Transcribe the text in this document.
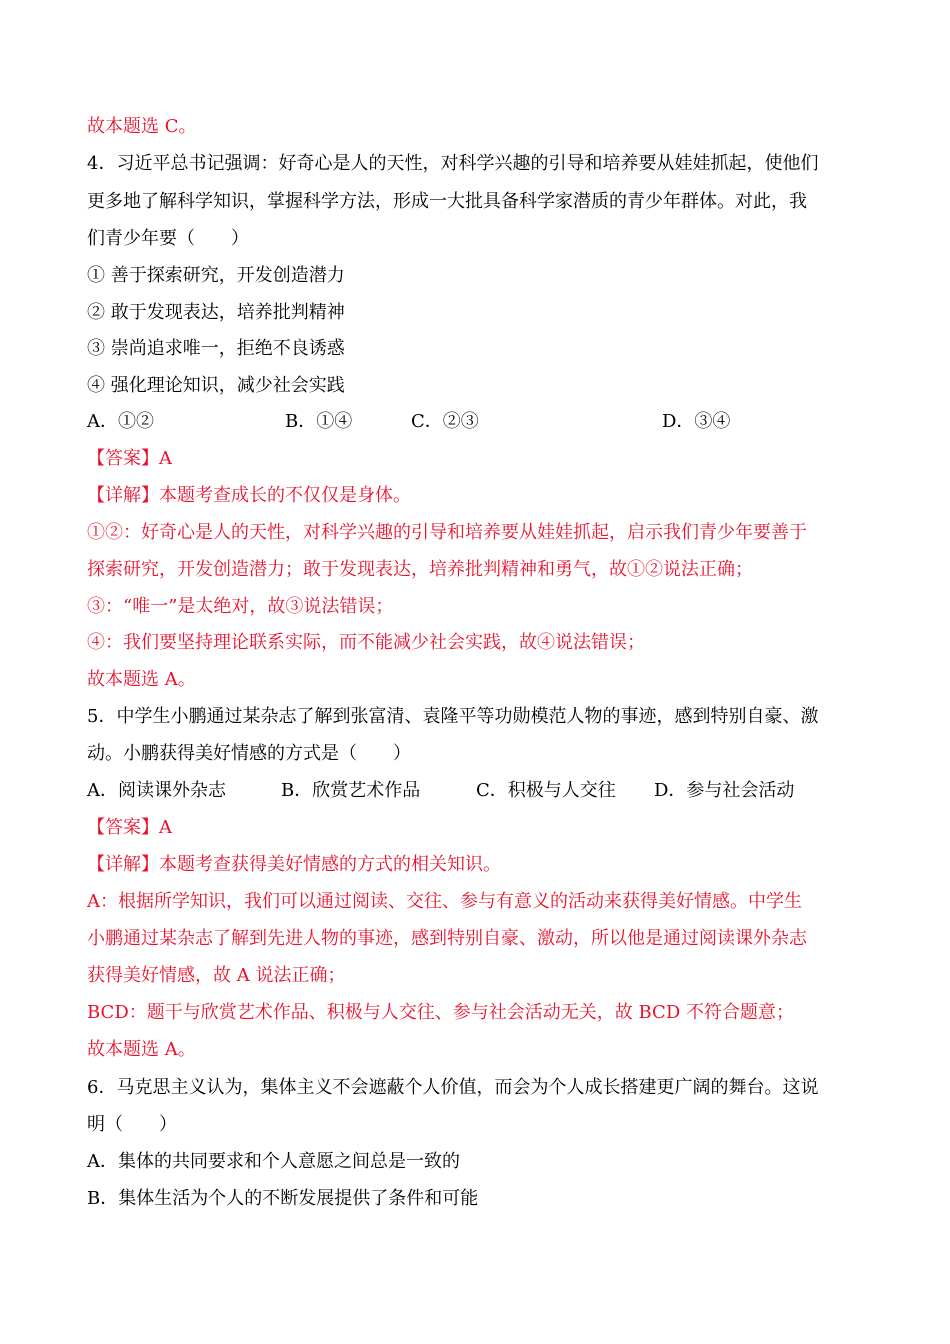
故本题选 C。
4．习近平总书记强调：好奇心是人的天性，对科学兴趣的引导和培养要从娃娃抓起，使他们
更多地了解科学知识，掌握科学方法，形成一大批具备科学家潜质的青少年群体。对此，我
们青少年要（　　）
① 善于探索研究，开发创造潜力
② 敢于发现表达，培养批判精神
③ 崇尚追求唯一，拒绝不良诱惑
④ 强化理论知识，减少社会实践
A．①②	B．①④	C．②③	D．③④
【答案】A
【详解】本题考查成长的不仅仅是身体。
①②：好奇心是人的天性，对科学兴趣的引导和培养要从娃娃抓起，启示我们青少年要善于
探索研究，开发创造潜力；敢于发现表达，培养批判精神和勇气，故①②说法正确；
③：“唯一”是太绝对，故③说法错误；
④：我们要坚持理论联系实际，而不能减少社会实践，故④说法错误；
故本题选 A。
5．中学生小鹏通过某杂志了解到张富清、袁隆平等功勋模范人物的事迹，感到特别自豪、激
动。小鹏获得美好情感的方式是（　　）
A．阅读课外杂志	B．欣赏艺术作品	C．积极与人交往 D．参与社会活动
【答案】A
【详解】本题考查获得美好情感的方式的相关知识。
A：根据所学知识，我们可以通过阅读、交往、参与有意义的活动来获得美好情感。中学生
小鹏通过某杂志了解到先进人物的事迹，感到特别自豪、激动，所以他是通过阅读课外杂志
获得美好情感，故 A 说法正确；
BCD：题干与欣赏艺术作品、积极与人交往、参与社会活动无关，故 BCD 不符合题意；
故本题选 A。
6．马克思主义认为，集体主义不会遮蔽个人价值，而会为个人成长搭建更广阔的舞台。这说
明（　　）
A．集体的共同要求和个人意愿之间总是一致的
B．集体生活为个人的不断发展提供了条件和可能
